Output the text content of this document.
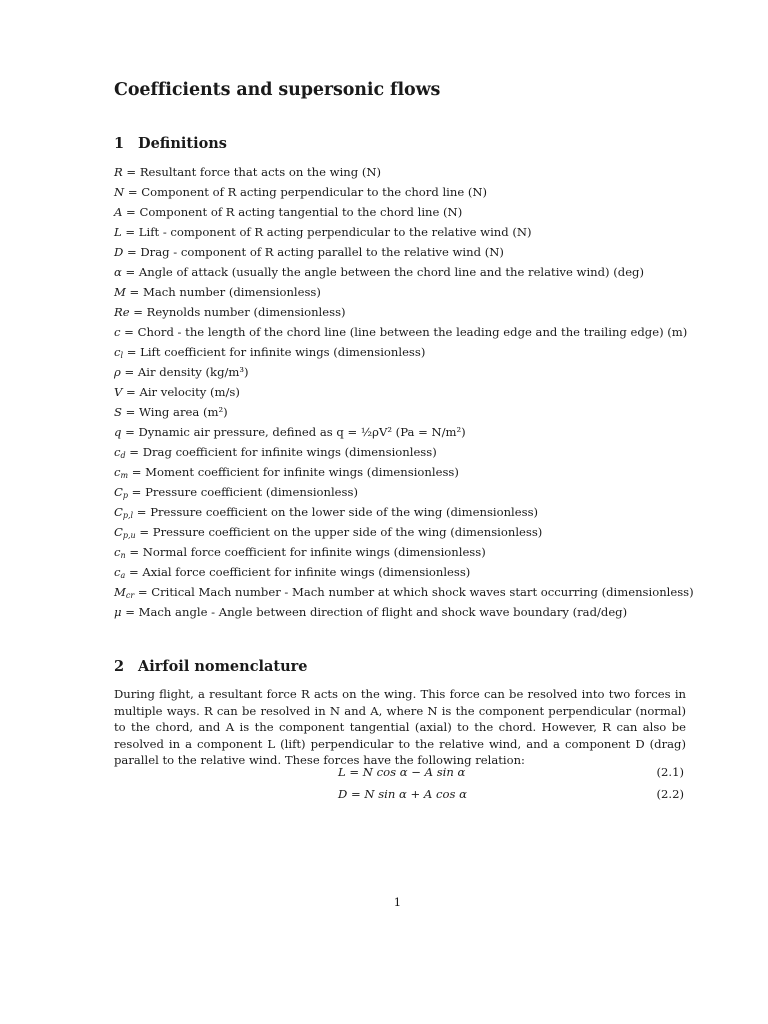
Coefficients and supersonic flows
1 Definitions
R = Resultant force that acts on the wing (N)
N = Component of R acting perpendicular to the chord line (N)
A = Component of R acting tangential to the chord line (N)
L = Lift - component of R acting perpendicular to the relative wind (N)
D = Drag - component of R acting parallel to the relative wind (N)
α = Angle of attack (usually the angle between the chord line and the relative wind) (deg)
M = Mach number (dimensionless)
Re = Reynolds number (dimensionless)
c = Chord - the length of the chord line (line between the leading edge and the trailing edge) (m)
$c_l$ = Lift coefficient for infinite wings (dimensionless)
ρ = Air density (kg/m³)
V = Air velocity (m/s)
S = Wing area (m²)
q = Dynamic air pressure, defined as q = ½ρV² (Pa = N/m²)
$c_d$ = Drag coefficient for infinite wings (dimensionless)
$c_m$ = Moment coefficient for infinite wings (dimensionless)
$C_p$ = Pressure coefficient (dimensionless)
$C_{p,l}$ = Pressure coefficient on the lower side of the wing (dimensionless)
$C_{p,u}$ = Pressure coefficient on the upper side of the wing (dimensionless)
$c_n$ = Normal force coefficient for infinite wings (dimensionless)
$c_a$ = Axial force coefficient for infinite wings (dimensionless)
$M_{cr}$ = Critical Mach number - Mach number at which shock waves start occurring (dimensionless)
μ = Mach angle - Angle between direction of flight and shock wave boundary (rad/deg)
2 Airfoil nomenclature

During flight, a resultant force R acts on the wing. This force can be resolved into two forces in multiple ways. R can be resolved in N and A, where N is the component perpendicular (normal) to the chord, and A is the component tangential (axial) to the chord. However, R can also be resolved in a component L (lift) perpendicular to the relative wind, and a component D (drag) parallel to the relative wind. These forces have the following relation:

L = N cos α − A sin α	(2.1)
D = N sin α + A cos α	(2.2)
1
